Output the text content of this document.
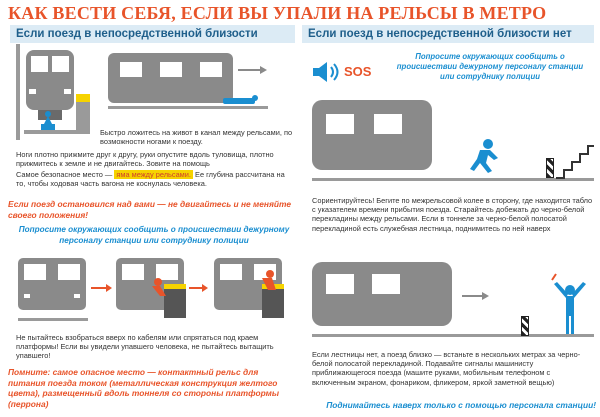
КАК ВЕСТИ СЕБЯ, ЕСЛИ ВЫ УПАЛИ НА РЕЛЬСЫ В МЕТРО
Если поезд в непосредственной близости
Быстро ложитесь на живот в канал между рельсами, по возможности ногами к поезду.
Ноги плотно прижмите друг к другу, руки опустите вдоль туловища, плотно прижмитесь к земле и не двигайтесь. Зовите на помощь
Самое безопасное место — яма между рельсами. Ее глубина рассчитана на то, чтобы ходовая часть вагона не коснулась человека.
Если поезд остановился над вами — не двигайтесь и не меняйте своего положения!
Попросите окружающих сообщить о происшествии дежурному персоналу станции или сотруднику полиции
Не пытайтесь взобраться вверх по кабелям или спрятаться под краем платформы! Если вы увидели упавшего человека, не пытайтесь вытащить упавшего!
Помните: самое опасное место — контактный рельс для питания поезда током (металлическая конструкция желтого цвета), размещенный вдоль тоннеля со стороны платформы (перрона)
Если поезд в непосредственной близости нет
SOS
Попросите окружающих сообщить о происшествии дежурному персоналу станции или сотруднику полиции
Сориентируйтесь! Бегите по межрельсовой колее в сторону, где находится табло с указателем времени прибытия поезда. Старайтесь добежать до черно-белой перекладины между рельсами. Если в тоннеле за черно-белой полосатой перекладиной есть служебная лестница, поднимитесь по ней наверх
Если лестницы нет, а поезд близко — встаньте в нескольких метрах за черно-белой полосатой перекладиной. Подавайте сигналы машинисту приближающегося поезда (машите руками, мобильным телефоном с включенным экраном, фонариком, фликером, яркой заметной вещью)
Поднимайтесь наверх только с помощью персонала станции!
